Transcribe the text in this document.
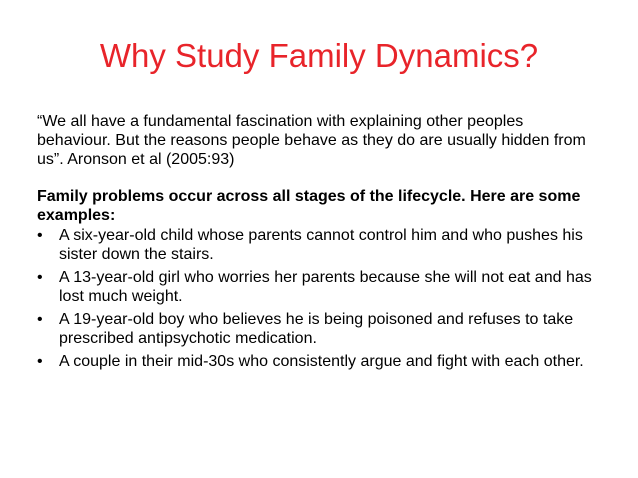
Why Study Family Dynamics?

“We all have a fundamental fascination with explaining other peoples behaviour. But the reasons people behave as they do are usually hidden from us”. Aronson et al (2005:93)

Family problems occur across all stages of the lifecycle. Here are some examples:

• A six-year-old child whose parents cannot control him and who pushes his sister down the stairs.
• A 13-year-old girl who worries her parents because she will not eat and has lost much weight.
• A 19-year-old boy who believes he is being poisoned and refuses to take prescribed antipsychotic medication.
• A couple in their mid-30s who consistently argue and fight with each other.
